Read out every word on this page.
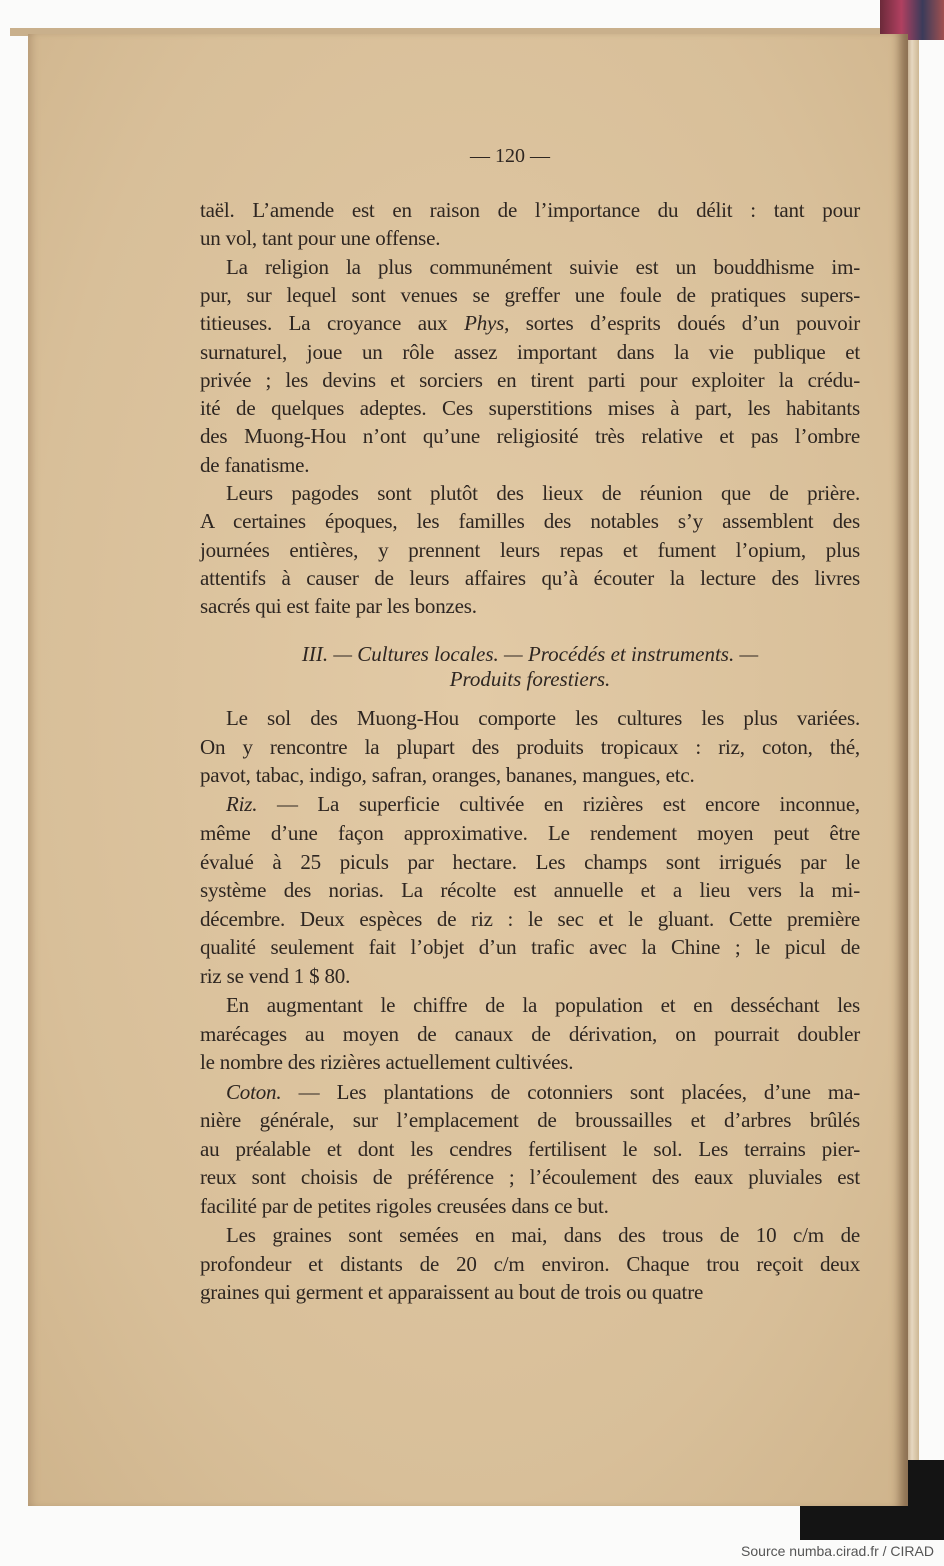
— 120 —
taël. L’amende est en raison de l’importance du délit : tant pour
un vol, tant pour une offense.
La religion la plus communément suivie est un bouddhisme im-
pur, sur lequel sont venues se greffer une foule de pratiques supers-
titieuses. La croyance aux Phys, sortes d’esprits doués d’un pouvoir
surnaturel, joue un rôle assez important dans la vie publique et
privée ; les devins et sorciers en tirent parti pour exploiter la crédu-
ité de quelques adeptes. Ces superstitions mises à part, les habitants
des Muong-Hou n’ont qu’une religiosité très relative et pas l’ombre
de fanatisme.
Leurs pagodes sont plutôt des lieux de réunion que de prière.
A certaines époques, les familles des notables s’y assemblent des
journées entières, y prennent leurs repas et fument l’opium, plus
attentifs à causer de leurs affaires qu’à écouter la lecture des livres
sacrés qui est faite par les bonzes.
III. — Cultures locales. — Procédés et instruments. —
Produits forestiers.
Le sol des Muong-Hou comporte les cultures les plus variées.
On y rencontre la plupart des produits tropicaux : riz, coton, thé,
pavot, tabac, indigo, safran, oranges, bananes, mangues, etc.
Riz. — La superficie cultivée en rizières est encore inconnue,
même d’une façon approximative. Le rendement moyen peut être
évalué à 25 piculs par hectare. Les champs sont irrigués par le
système des norias. La récolte est annuelle et a lieu vers la mi-
décembre. Deux espèces de riz : le sec et le gluant. Cette première
qualité seulement fait l’objet d’un trafic avec la Chine ; le picul de
riz se vend 1 $ 80.
En augmentant le chiffre de la population et en desséchant les
marécages au moyen de canaux de dérivation, on pourrait doubler
le nombre des rizières actuellement cultivées.
Coton. — Les plantations de cotonniers sont placées, d’une ma-
nière générale, sur l’emplacement de broussailles et d’arbres brûlés
au préalable et dont les cendres fertilisent le sol. Les terrains pier-
reux sont choisis de préférence ; l’écoulement des eaux pluviales est
facilité par de petites rigoles creusées dans ce but.
Les graines sont semées en mai, dans des trous de 10 c/m de
profondeur et distants de 20 c/m environ. Chaque trou reçoit deux
graines qui germent et apparaissent au bout de trois ou quatre
Source numba.cirad.fr / CIRAD
